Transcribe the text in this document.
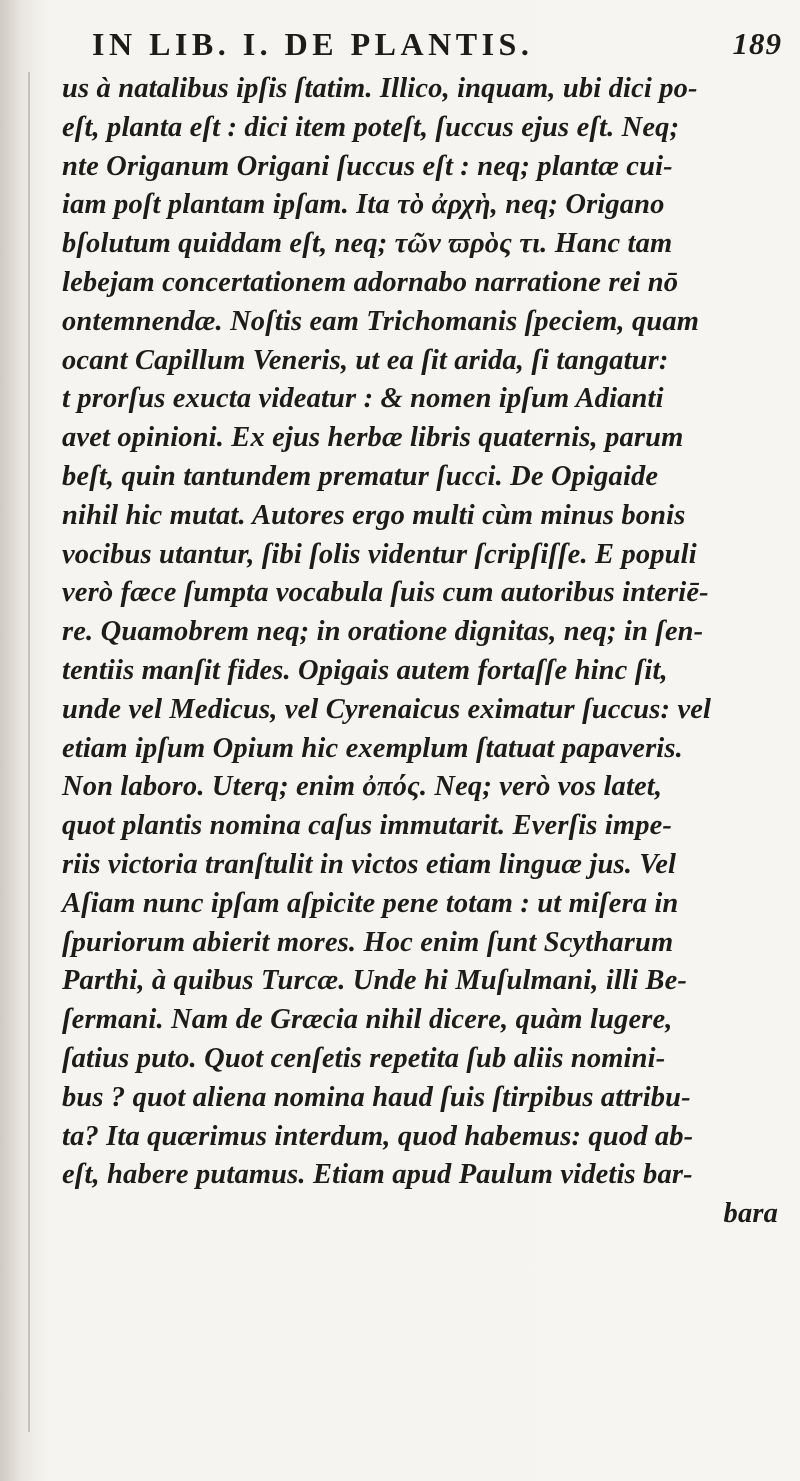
IN LIB. I. DE PLANTIS.	189
us à natalibus ipſis ſtatim. Illico, inquam, ubi dici po-
eſt, planta eſt : dici item poteſt, ſuccus ejus eſt. Neq;
nte Origanum Origani ſuccus eſt : neq; plantæ cui-
iam poſt plantam ipſam. Ita τὸ ἀρχὴ, neq; Origano
bſolutum quiddam eſt, neq; τῶν ϖρὸς τι. Hanc tam
lebejam concertationem adornabo narratione rei nō
ontemnendæ. Noſtis eam Trichomanis ſpeciem, quam
ocant Capillum Veneris, ut ea ſit arida, ſi tangatur:
t prorſus exucta videatur : & nomen ipſum Adianti
avet opinioni. Ex ejus herbæ libris quaternis, parum
beſt, quin tantundem prematur ſucci. De Opigaide
nihil hic mutat. Autores ergo multi cùm minus bonis
vocibus utantur, ſibi ſolis videntur ſcripſiſſe. E populi
verò fæce ſumpta vocabula ſuis cum autoribus interiē-
re. Quamobrem neq; in oratione dignitas, neq; in ſen-
tentiis manſit fides. Opigais autem fortaſſe hinc ſit,
unde vel Medicus, vel Cyrenaicus eximatur ſuccus: vel
etiam ipſum Opium hic exemplum ſtatuat papaveris.
Non laboro. Uterq; enim ὀπός. Neq; verò vos latet,
quot plantis nomina caſus immutarit. Everſis impe-
riis victoria tranſtulit in victos etiam linguæ jus. Vel
Aſiam nunc ipſam aſpicite pene totam : ut miſera in
ſpuriorum abierit mores. Hoc enim ſunt Scytharum
Parthi, à quibus Turcæ. Unde hi Muſulmani, illi Be-
ſermani. Nam de Græcia nihil dicere, quàm lugere,
ſatius puto. Quot cenſetis repetita ſub aliis nomini-
bus ? quot aliena nomina haud ſuis ſtirpibus attribu-
ta? Ita quærimus interdum, quod habemus: quod ab-
eſt, habere putamus. Etiam apud Paulum videtis bar-
bara
